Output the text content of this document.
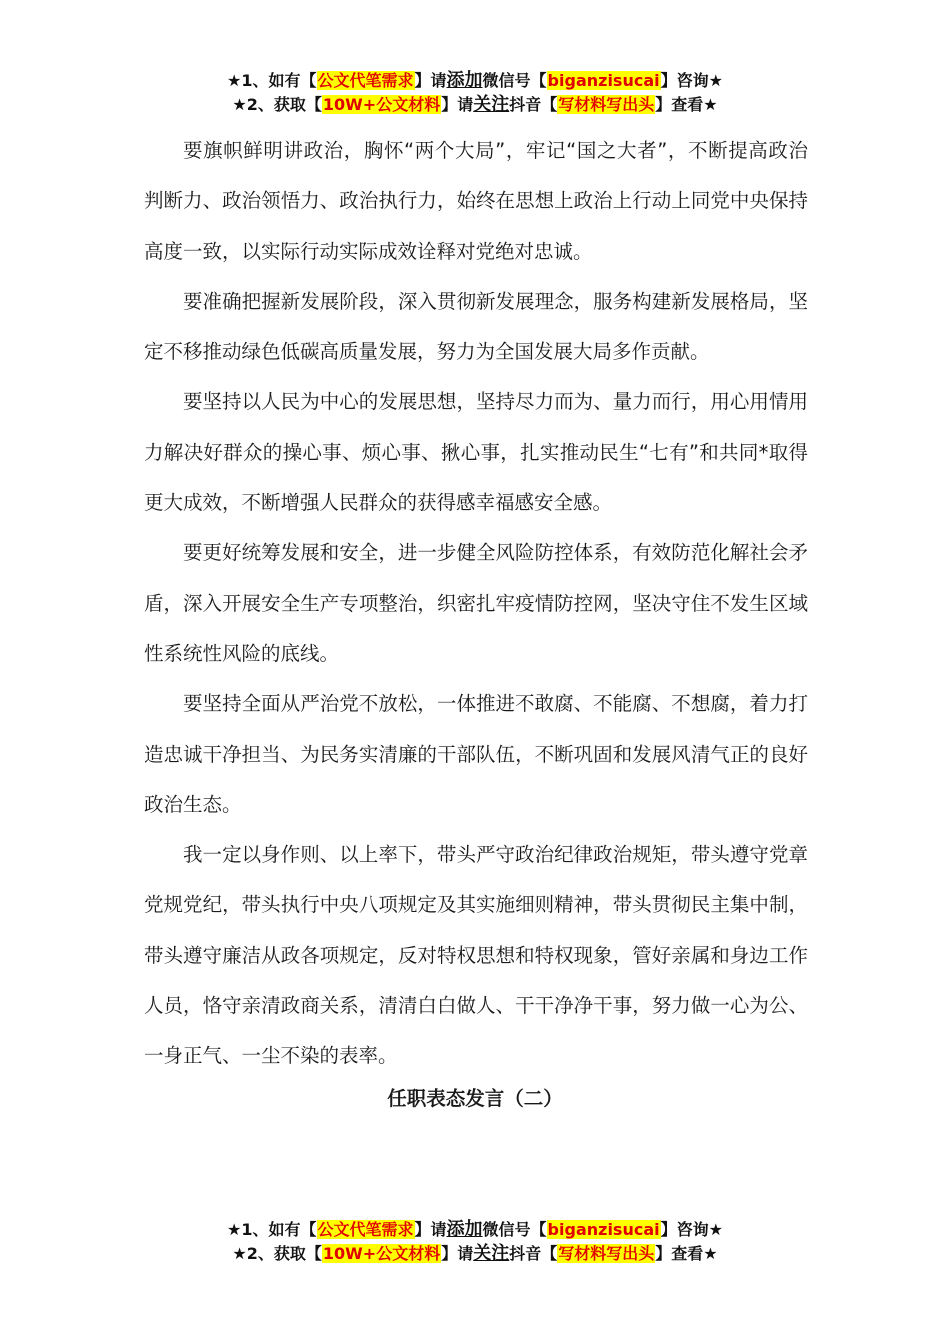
★1、如有【公文代笔需求】请添加微信号【biganzisucai】咨询★
★2、获取【10W+公文材料】请关注抖音【写材料写出头】查看★

要旗帜鲜明讲政治，胸怀“两个大局”，牢记“国之大者”，不断提高政治判断力、政治领悟力、政治执行力，始终在思想上政治上行动上同党中央保持高度一致，以实际行动实际成效诠释对党绝对忠诚。

要准确把握新发展阶段，深入贯彻新发展理念，服务构建新发展格局，坚定不移推动绿色低碳高质量发展，努力为全国发展大局多作贡献。

要坚持以人民为中心的发展思想，坚持尽力而为、量力而行，用心用情用力解决好群众的操心事、烦心事、揪心事，扎实推动民生“七有”和共同*取得更大成效，不断增强人民群众的获得感幸福感安全感。

要更好统筹发展和安全，进一步健全风险防控体系，有效防范化解社会矛盾，深入开展安全生产专项整治，织密扎牢疫情防控网，坚决守住不发生区域性系统性风险的底线。

要坚持全面从严治党不放松，一体推进不敢腐、不能腐、不想腐，着力打造忠诚干净担当、为民务实清廉的干部队伍，不断巩固和发展风清气正的良好政治生态。

我一定以身作则、以上率下，带头严守政治纪律政治规矩，带头遵守党章党规党纪，带头执行中央八项规定及其实施细则精神，带头贯彻民主集中制，带头遵守廉洁从政各项规定，反对特权思想和特权现象，管好亲属和身边工作人员，恪守亲清政商关系，清清白白做人、干干净净干事，努力做一心为公、一身正气、一尘不染的表率。

任职表态发言（二）
★1、如有【公文代笔需求】请添加微信号【biganzisucai】咨询★
★2、获取【10W+公文材料】请关注抖音【写材料写出头】查看★
